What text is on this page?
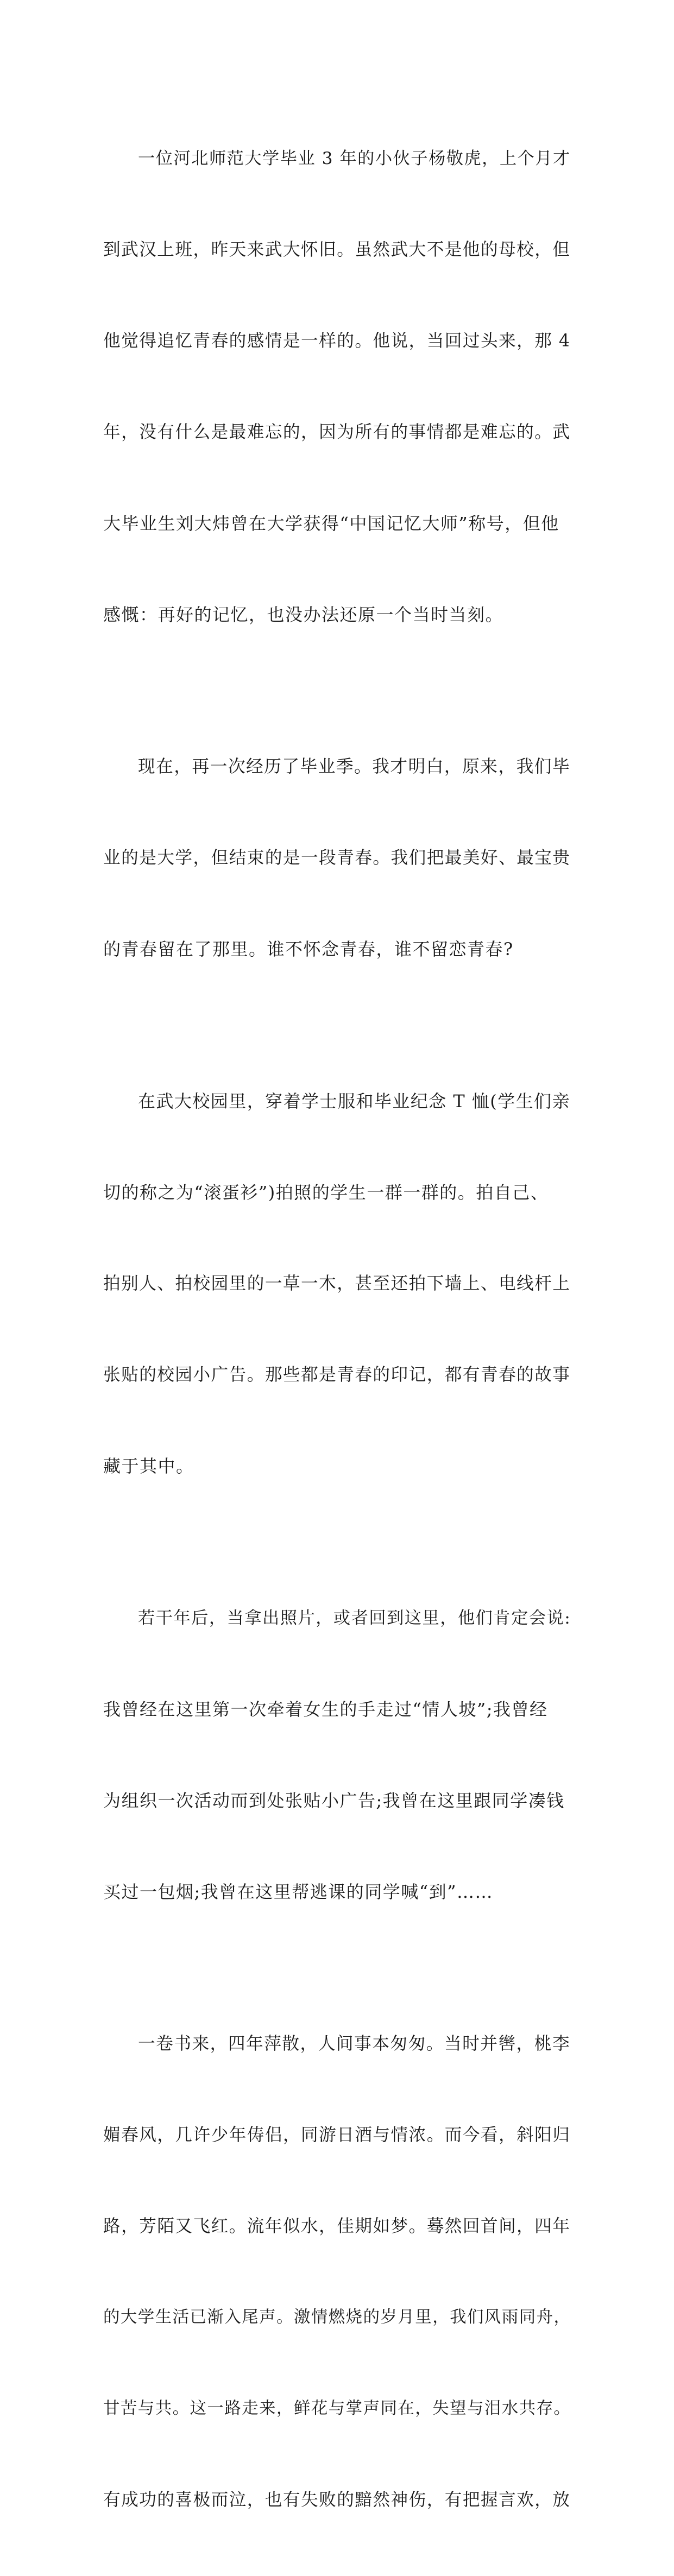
一位河北师范大学毕业 3 年的小伙子杨敬虎，上个月才

到武汉上班，昨天来武大怀旧。虽然武大不是他的母校，但

他觉得追忆青春的感情是一样的。他说，当回过头来，那 4

年，没有什么是最难忘的，因为所有的事情都是难忘的。武

大毕业生刘大炜曾在大学获得“中国记忆大师”称号，但他

感慨：再好的记忆，也没办法还原一个当时当刻。

现在，再一次经历了毕业季。我才明白，原来，我们毕

业的是大学，但结束的是一段青春。我们把最美好、最宝贵

的青春留在了那里。谁不怀念青春，谁不留恋青春?

在武大校园里，穿着学士服和毕业纪念 T 恤(学生们亲

切的称之为“滚蛋衫”)拍照的学生一群一群的。拍自己、

拍别人、拍校园里的一草一木，甚至还拍下墙上、电线杆上

张贴的校园小广告。那些都是青春的印记，都有青春的故事

藏于其中。

若干年后，当拿出照片，或者回到这里，他们肯定会说:

我曾经在这里第一次牵着女生的手走过“情人坡”;我曾经

为组织一次活动而到处张贴小广告;我曾在这里跟同学凑钱

买过一包烟;我曾在这里帮逃课的同学喊“到”……

一卷书来，四年萍散，人间事本匆匆。当时并辔，桃李

媚春风，几许少年俦侣，同游日酒与情浓。而今看，斜阳归

路，芳陌又飞红。流年似水，佳期如梦。蓦然回首间，四年

的大学生活已渐入尾声。激情燃烧的岁月里，我们风雨同舟，

甘苦与共。这一路走来，鲜花与掌声同在，失望与泪水共存。

有成功的喜极而泣，也有失败的黯然神伤，有把握言欢，放
